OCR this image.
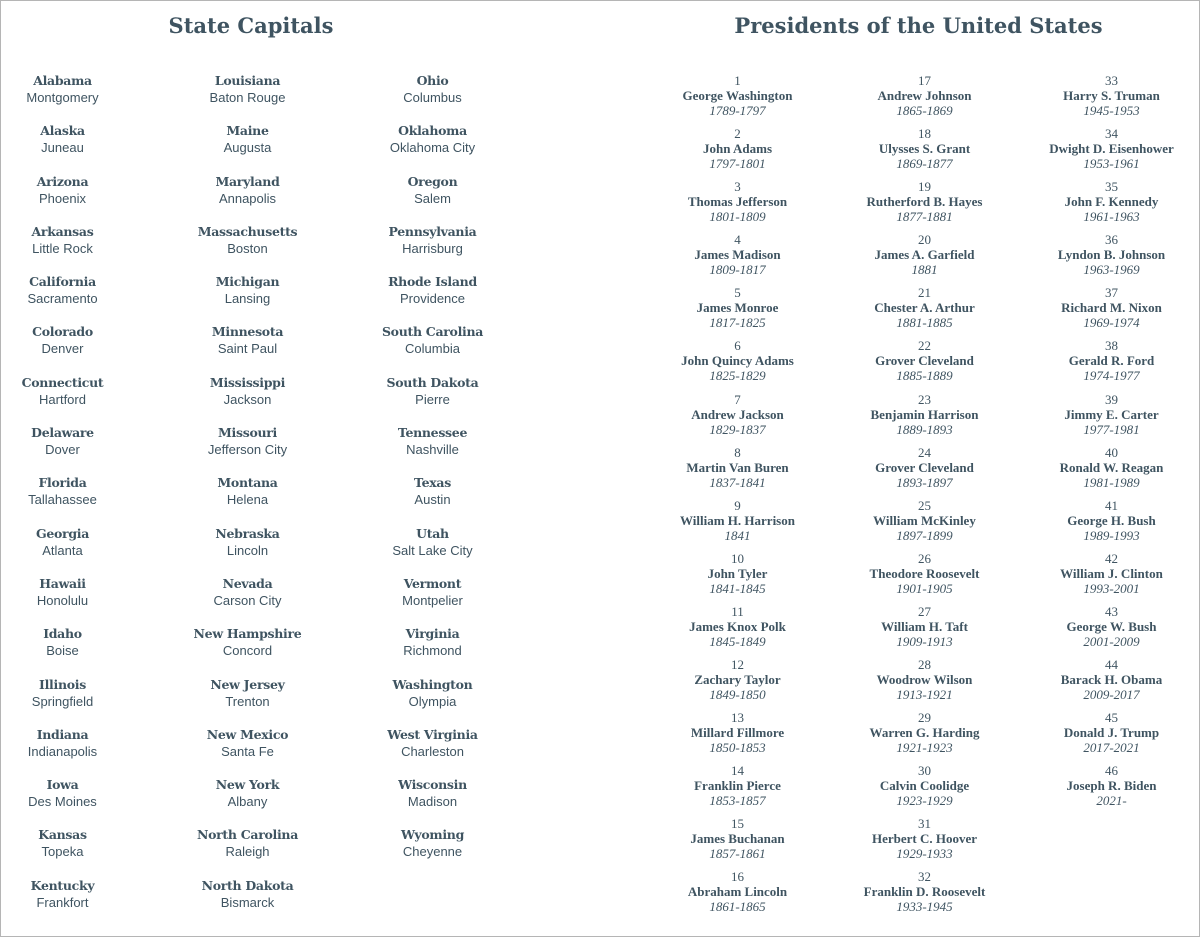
State Capitals	Presidents of the United States
Alabama
Montgomery
Alaska
Juneau
Arizona
Phoenix
Arkansas
Little Rock
California
Sacramento
Colorado
Denver
Connecticut
Hartford
Delaware
Dover
Florida
Tallahassee
Georgia
Atlanta
Hawaii
Honolulu
Idaho
Boise
Illinois
Springfield
Indiana
Indianapolis
Iowa
Des Moines
Kansas
Topeka
Kentucky
Frankfort
Louisiana
Baton Rouge
Maine
Augusta
Maryland
Annapolis
Massachusetts
Boston
Michigan
Lansing
Minnesota
Saint Paul
Mississippi
Jackson
Missouri
Jefferson City
Montana
Helena
Nebraska
Lincoln
Nevada
Carson City
New Hampshire
Concord
New Jersey
Trenton
New Mexico
Santa Fe
New York
Albany
North Carolina
Raleigh
North Dakota
Bismarck
Ohio
Columbus
Oklahoma
Oklahoma City
Oregon
Salem
Pennsylvania
Harrisburg
Rhode Island
Providence
South Carolina
Columbia
South Dakota
Pierre
Tennessee
Nashville
Texas
Austin
Utah
Salt Lake City
Vermont
Montpelier
Virginia
Richmond
Washington
Olympia
West Virginia
Charleston
Wisconsin
Madison
Wyoming
Cheyenne
1
George Washington
1789-1797
2
John Adams
1797-1801
3
Thomas Jefferson
1801-1809
4
James Madison
1809-1817
5
James Monroe
1817-1825
6
John Quincy Adams
1825-1829
7
Andrew Jackson
1829-1837
8
Martin Van Buren
1837-1841
9
William H. Harrison
1841
10
John Tyler
1841-1845
11
James Knox Polk
1845-1849
12
Zachary Taylor
1849-1850
13
Millard Fillmore
1850-1853
14
Franklin Pierce
1853-1857
15
James Buchanan
1857-1861
16
Abraham Lincoln
1861-1865
17
Andrew Johnson
1865-1869
18
Ulysses S. Grant
1869-1877
19
Rutherford B. Hayes
1877-1881
20
James A. Garfield
1881
21
Chester A. Arthur
1881-1885
22
Grover Cleveland
1885-1889
23
Benjamin Harrison
1889-1893
24
Grover Cleveland
1893-1897
25
William McKinley
1897-1899
26
Theodore Roosevelt
1901-1905
27
William H. Taft
1909-1913
28
Woodrow Wilson
1913-1921
29
Warren G. Harding
1921-1923
30
Calvin Coolidge
1923-1929
31
Herbert C. Hoover
1929-1933
32
Franklin D. Roosevelt
1933-1945
33
Harry S. Truman
1945-1953
34
Dwight D. Eisenhower
1953-1961
35
John F. Kennedy
1961-1963
36
Lyndon B. Johnson
1963-1969
37
Richard M. Nixon
1969-1974
38
Gerald R. Ford
1974-1977
39
Jimmy E. Carter
1977-1981
40
Ronald W. Reagan
1981-1989
41
George H. Bush
1989-1993
42
William J. Clinton
1993-2001
43
George W. Bush
2001-2009
44
Barack H. Obama
2009-2017
45
Donald J. Trump
2017-2021
46
Joseph R. Biden
2021-
